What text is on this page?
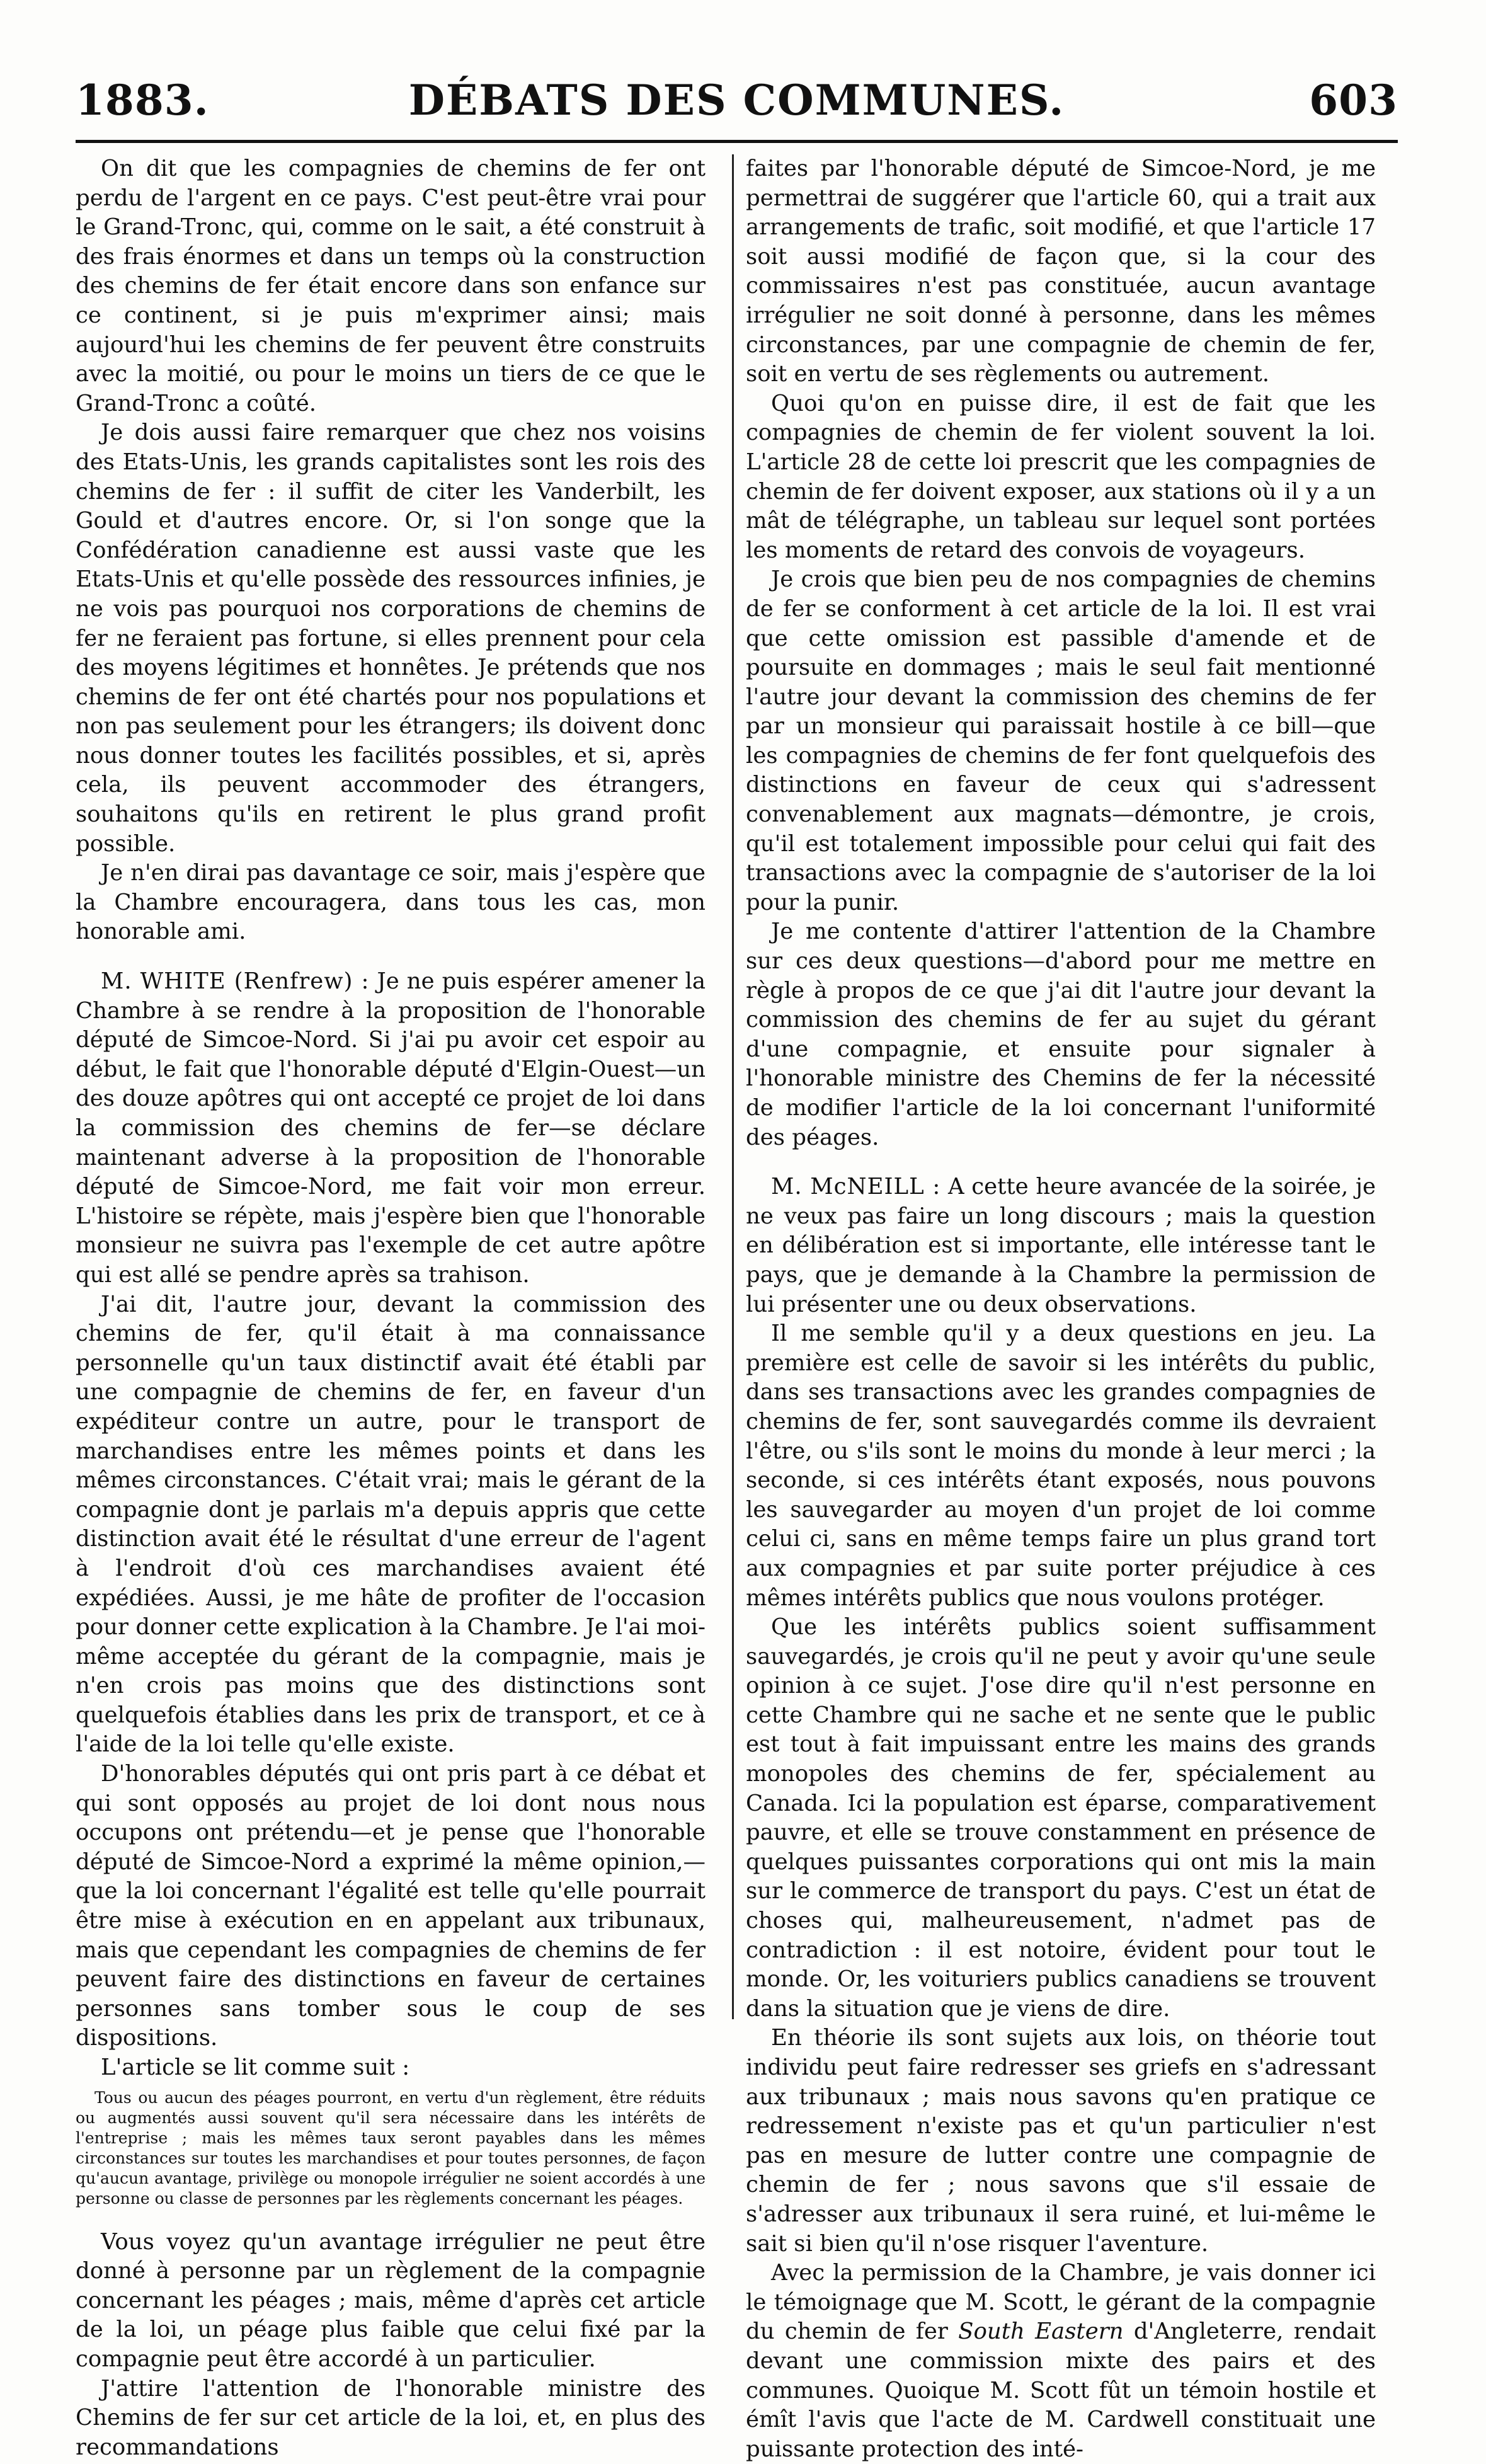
1883.	DÉBATS DES COMMUNES.	603

On dit que les compagnies de chemins de fer ont perdu de l'argent en ce pays. C'est peut-être vrai pour le Grand-Tronc, qui, comme on le sait, a été construit à des frais énormes et dans un temps où la construction des chemins de fer était encore dans son enfance sur ce continent, si je puis m'exprimer ainsi; mais aujourd'hui les chemins de fer peuvent être construits avec la moitié, ou pour le moins un tiers de ce que le Grand-Tronc a coûté.

Je dois aussi faire remarquer que chez nos voisins des Etats-Unis, les grands capitalistes sont les rois des chemins de fer : il suffit de citer les Vanderbilt, les Gould et d'autres encore. Or, si l'on songe que la Confédération canadienne est aussi vaste que les Etats-Unis et qu'elle possède des ressources infinies, je ne vois pas pourquoi nos corporations de chemins de fer ne feraient pas fortune, si elles prennent pour cela des moyens légitimes et honnêtes. Je prétends que nos chemins de fer ont été chartés pour nos populations et non pas seulement pour les étrangers; ils doivent donc nous donner toutes les facilités possibles, et si, après cela, ils peuvent accommoder des étrangers, souhaitons qu'ils en retirent le plus grand profit possible.

Je n'en dirai pas davantage ce soir, mais j'espère que la Chambre encouragera, dans tous les cas, mon honorable ami.

M. WHITE (Renfrew) : Je ne puis espérer amener la Chambre à se rendre à la proposition de l'honorable député de Simcoe-Nord. Si j'ai pu avoir cet espoir au début, le fait que l'honorable député d'Elgin-Ouest—un des douze apôtres qui ont accepté ce projet de loi dans la commission des chemins de fer—se déclare maintenant adverse à la proposition de l'honorable député de Simcoe-Nord, me fait voir mon erreur. L'histoire se répète, mais j'espère bien que l'honorable monsieur ne suivra pas l'exemple de cet autre apôtre qui est allé se pendre après sa trahison.

J'ai dit, l'autre jour, devant la commission des chemins de fer, qu'il était à ma connaissance personnelle qu'un taux distinctif avait été établi par une compagnie de chemins de fer, en faveur d'un expéditeur contre un autre, pour le transport de marchandises entre les mêmes points et dans les mêmes circonstances. C'était vrai; mais le gérant de la compagnie dont je parlais m'a depuis appris que cette distinction avait été le résultat d'une erreur de l'agent à l'endroit d'où ces marchandises avaient été expédiées. Aussi, je me hâte de profiter de l'occasion pour donner cette explication à la Chambre. Je l'ai moi-même acceptée du gérant de la compagnie, mais je n'en crois pas moins que des distinctions sont quelquefois établies dans les prix de transport, et ce à l'aide de la loi telle qu'elle existe.

D'honorables députés qui ont pris part à ce débat et qui sont opposés au projet de loi dont nous nous occupons ont prétendu—et je pense que l'honorable député de Simcoe-Nord a exprimé la même opinion,—que la loi concernant l'égalité est telle qu'elle pourrait être mise à exécution en en appelant aux tribunaux, mais que cependant les compagnies de chemins de fer peuvent faire des distinctions en faveur de certaines personnes sans tomber sous le coup de ses dispositions.

L'article se lit comme suit :

Tous ou aucun des péages pourront, en vertu d'un règlement, être réduits ou augmentés aussi souvent qu'il sera nécessaire dans les intérêts de l'entreprise ; mais les mêmes taux seront payables dans les mêmes circonstances sur toutes les marchandises et pour toutes personnes, de façon qu'aucun avantage, privilège ou monopole irrégulier ne soient accordés à une personne ou classe de personnes par les règlements concernant les péages.

Vous voyez qu'un avantage irrégulier ne peut être donné à personne par un règlement de la compagnie concernant les péages ; mais, même d'après cet article de la loi, un péage plus faible que celui fixé par la compagnie peut être accordé à un particulier.

J'attire l'attention de l'honorable ministre des Chemins de fer sur cet article de la loi, et, en plus des recommandations

faites par l'honorable député de Simcoe-Nord, je me permettrai de suggérer que l'article 60, qui a trait aux arrangements de trafic, soit modifié, et que l'article 17 soit aussi modifié de façon que, si la cour des commissaires n'est pas constituée, aucun avantage irrégulier ne soit donné à personne, dans les mêmes circonstances, par une compagnie de chemin de fer, soit en vertu de ses règlements ou autrement.

Quoi qu'on en puisse dire, il est de fait que les compagnies de chemin de fer violent souvent la loi. L'article 28 de cette loi prescrit que les compagnies de chemin de fer doivent exposer, aux stations où il y a un mât de télégraphe, un tableau sur lequel sont portées les moments de retard des convois de voyageurs.

Je crois que bien peu de nos compagnies de chemins de fer se conforment à cet article de la loi. Il est vrai que cette omission est passible d'amende et de poursuite en dommages ; mais le seul fait mentionné l'autre jour devant la commission des chemins de fer par un monsieur qui paraissait hostile à ce bill—que les compagnies de chemins de fer font quelquefois des distinctions en faveur de ceux qui s'adressent convenablement aux magnats—démontre, je crois, qu'il est totalement impossible pour celui qui fait des transactions avec la compagnie de s'autoriser de la loi pour la punir.

Je me contente d'attirer l'attention de la Chambre sur ces deux questions—d'abord pour me mettre en règle à propos de ce que j'ai dit l'autre jour devant la commission des chemins de fer au sujet du gérant d'une compagnie, et ensuite pour signaler à l'honorable ministre des Chemins de fer la nécessité de modifier l'article de la loi concernant l'uniformité des péages.

M. McNEILL : A cette heure avancée de la soirée, je ne veux pas faire un long discours ; mais la question en délibération est si importante, elle intéresse tant le pays, que je demande à la Chambre la permission de lui présenter une ou deux observations.

Il me semble qu'il y a deux questions en jeu. La première est celle de savoir si les intérêts du public, dans ses transactions avec les grandes compagnies de chemins de fer, sont sauvegardés comme ils devraient l'être, ou s'ils sont le moins du monde à leur merci ; la seconde, si ces intérêts étant exposés, nous pouvons les sauvegarder au moyen d'un projet de loi comme celui ci, sans en même temps faire un plus grand tort aux compagnies et par suite porter préjudice à ces mêmes intérêts publics que nous voulons protéger.

Que les intérêts publics soient suffisamment sauvegardés, je crois qu'il ne peut y avoir qu'une seule opinion à ce sujet. J'ose dire qu'il n'est personne en cette Chambre qui ne sache et ne sente que le public est tout à fait impuissant entre les mains des grands monopoles des chemins de fer, spécialement au Canada. Ici la population est éparse, comparativement pauvre, et elle se trouve constamment en présence de quelques puissantes corporations qui ont mis la main sur le commerce de transport du pays. C'est un état de choses qui, malheureusement, n'admet pas de contradiction : il est notoire, évident pour tout le monde. Or, les voituriers publics canadiens se trouvent dans la situation que je viens de dire.

En théorie ils sont sujets aux lois, on théorie tout individu peut faire redresser ses griefs en s'adressant aux tribunaux ; mais nous savons qu'en pratique ce redressement n'existe pas et qu'un particulier n'est pas en mesure de lutter contre une compagnie de chemin de fer ; nous savons que s'il essaie de s'adresser aux tribunaux il sera ruiné, et lui-même le sait si bien qu'il n'ose risquer l'aventure.

Avec la permission de la Chambre, je vais donner ici le témoignage que M. Scott, le gérant de la compagnie du chemin de fer South Eastern d'Angleterre, rendait devant une commission mixte des pairs et des communes. Quoique M. Scott fût un témoin hostile et émît l'avis que l'acte de M. Cardwell constituait une puissante protection des inté-
